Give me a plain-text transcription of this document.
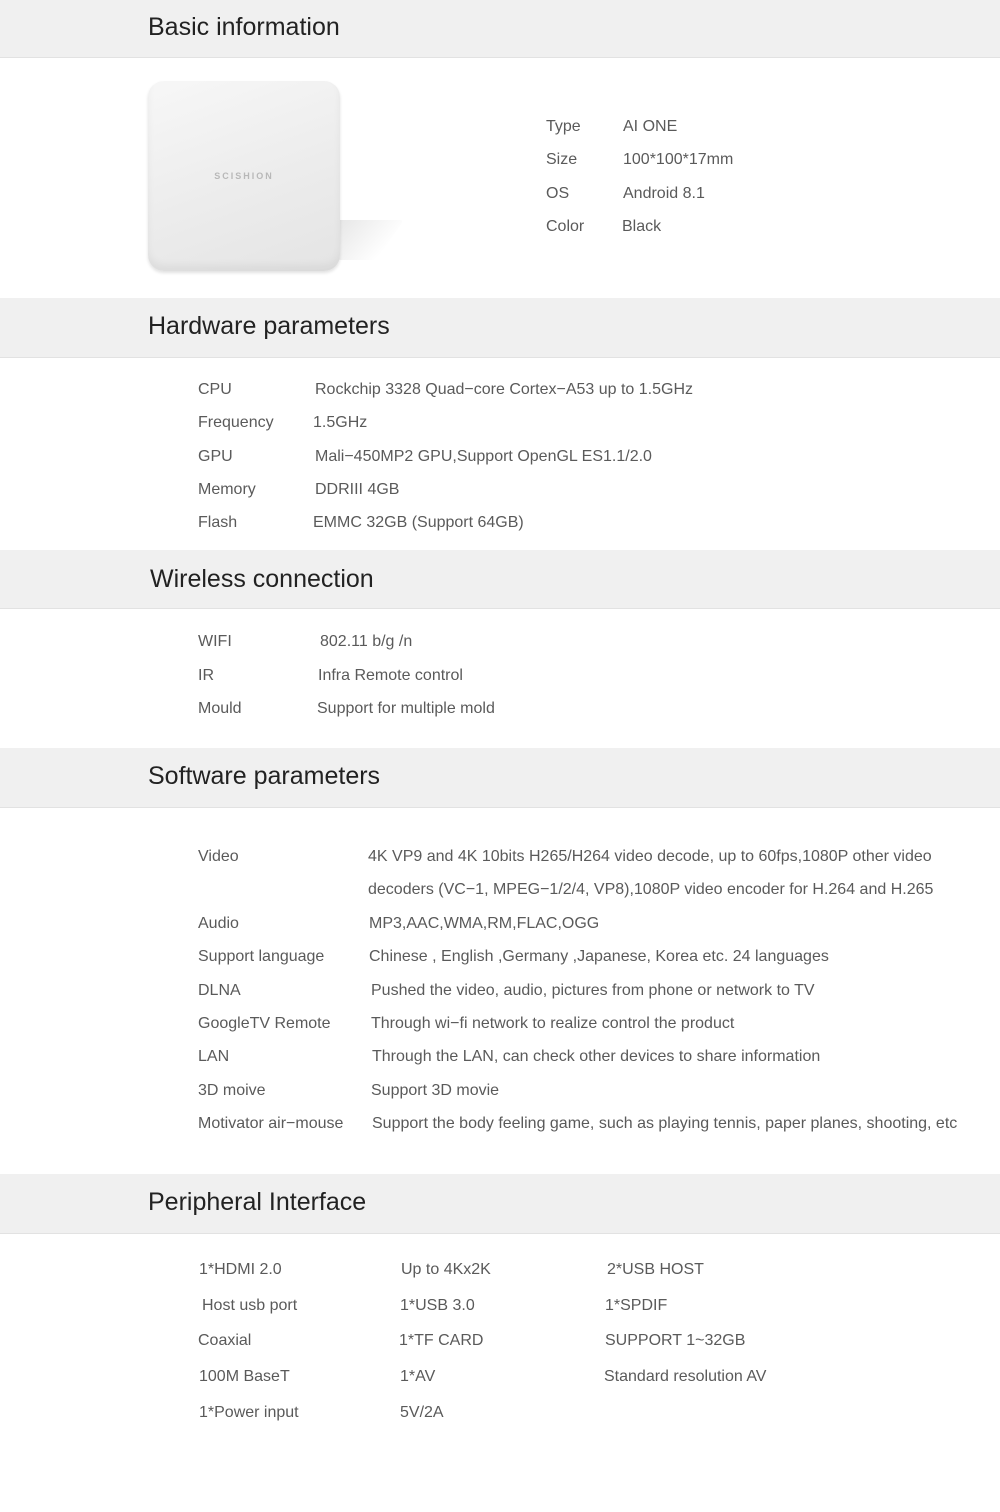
Basic information
SCISHION
Type	AI ONE
Size	100*100*17mm
OS	Android 8.1
Color Black
Hardware parameters
CPU	Rockchip 3328 Quad−core Cortex−A53 up to 1.5GHz
Frequency 1.5GHz
GPU	Mali−450MP2 GPU,Support OpenGL ES1.1/2.0
Memory	DDRIII 4GB
Flash	EMMC 32GB (Support 64GB)
Wireless connection
WIFI	802.11 b/g /n
IR	Infra Remote control
Mould	Support for multiple mold
Software parameters
Video	4K VP9 and 4K 10bits H265/H264 video decode, up to 60fps,1080P other video
decoders (VC−1, MPEG−1/2/4, VP8),1080P video encoder for H.264 and H.265
Audio	MP3,AAC,WMA,RM,FLAC,OGG
Support language	Chinese , English ,Germany ,Japanese, Korea etc. 24 languages
DLNA	Pushed the video, audio, pictures from phone or network to TV
GoogleTV Remote	Through wi−fi network to realize control the product
LAN	Through the LAN, can check other devices to share information
3D moive	Support 3D movie
Motivator air−mouse Support the body feeling game, such as playing tennis, paper planes, shooting, etc
Peripheral Interface
1*HDMI 2.0	Up to 4Kx2K	2*USB HOST
Host usb port	1*USB 3.0	1*SPDIF
Coaxial	1*TF CARD	SUPPORT 1~32GB
100M BaseT	1*AV	Standard resolution AV
1*Power input	5V/2A
